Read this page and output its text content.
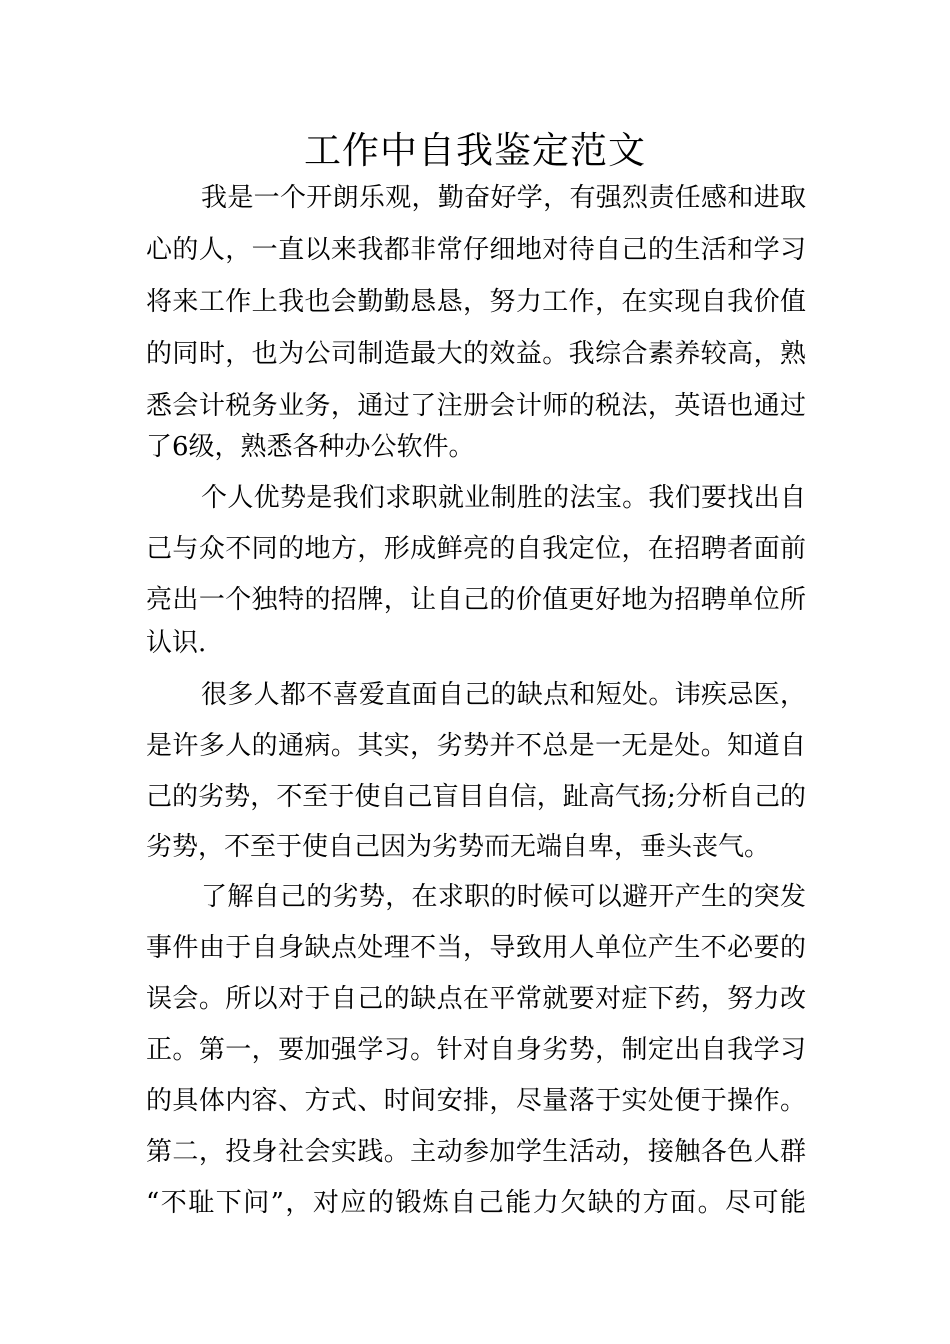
工作中自我鉴定范文
我是一个开朗乐观，勤奋好学，有强烈责任感和进取
心的人，一直以来我都非常仔细地对待自己的生活和学习
将来工作上我也会勤勤恳恳，努力工作，在实现自我价值
的同时，也为公司制造最大的效益。我综合素养较高，熟
悉会计税务业务，通过了注册会计师的税法，英语也通过
了6级，熟悉各种办公软件。
个人优势是我们求职就业制胜的法宝。我们要找出自
己与众不同的地方，形成鲜亮的自我定位，在招聘者面前
亮出一个独特的招牌，让自己的价值更好地为招聘单位所
认识.
很多人都不喜爱直面自己的缺点和短处。讳疾忌医，
是许多人的通病。其实，劣势并不总是一无是处。知道自
己的劣势，不至于使自己盲目自信，趾高气扬;分析自己的
劣势，不至于使自己因为劣势而无端自卑，垂头丧气。
了解自己的劣势，在求职的时候可以避开产生的突发
事件由于自身缺点处理不当，导致用人单位产生不必要的
误会。所以对于自己的缺点在平常就要对症下药，努力改
正。第一，要加强学习。针对自身劣势，制定出自我学习
的具体内容、方式、时间安排，尽量落于实处便于操作。
第二，投身社会实践。主动参加学生活动，接触各色人群
“不耻下问”，对应的锻炼自己能力欠缺的方面。尽可能
